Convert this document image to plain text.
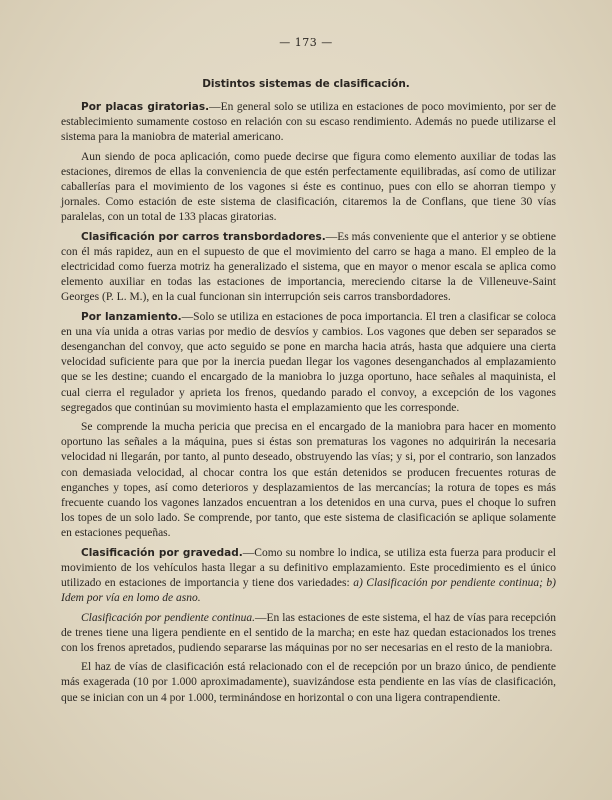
— 173 —
Distintos sistemas de clasificación.

Por placas giratorias.—En general solo se utiliza en estaciones de poco movimiento, por ser de establecimiento sumamente costoso en relación con su escaso rendimiento. Además no puede utilizarse el sistema para la maniobra de material americano.

Aun siendo de poca aplicación, como puede decirse que figura como elemento auxiliar de todas las estaciones, diremos de ellas la conveniencia de que estén perfectamente equilibradas, así como de utilizar caballerías para el movimiento de los vagones si éste es continuo, pues con ello se ahorran tiempo y jornales. Como estación de este sistema de clasificación, citaremos la de Conflans, que tiene 30 vías paralelas, con un total de 133 placas giratorias.

Clasificación por carros transbordadores.—Es más conveniente que el anterior y se obtiene con él más rapidez, aun en el supuesto de que el movimiento del carro se haga a mano. El empleo de la electricidad como fuerza motriz ha generalizado el sistema, que en mayor o menor escala se aplica como elemento auxiliar en todas las estaciones de importancia, mereciendo citarse la de Villeneuve-Saint Georges (P. L. M.), en la cual funcionan sin interrupción seis carros transbordadores.

Por lanzamiento.—Solo se utiliza en estaciones de poca importancia. El tren a clasificar se coloca en una vía unida a otras varias por medio de desvíos y cambios. Los vagones que deben ser separados se desenganchan del convoy, que acto seguido se pone en marcha hacia atrás, hasta que adquiere una cierta velocidad suficiente para que por la inercia puedan llegar los vagones desenganchados al emplazamiento que se les destine; cuando el encargado de la maniobra lo juzga oportuno, hace señales al maquinista, el cual cierra el regulador y aprieta los frenos, quedando parado el convoy, a excepción de los vagones segregados que continúan su movimiento hasta el emplazamiento que les corresponde.

Se comprende la mucha pericia que precisa en el encargado de la maniobra para hacer en momento oportuno las señales a la máquina, pues si éstas son prematuras los vagones no adquirirán la necesaria velocidad ni llegarán, por tanto, al punto deseado, obstruyendo las vías; y si, por el contrario, son lanzados con demasiada velocidad, al chocar contra los que están detenidos se producen frecuentes roturas de enganches y topes, así como deterioros y desplazamientos de las mercancías; la rotura de topes es más frecuente cuando los vagones lanzados encuentran a los detenidos en una curva, pues el choque lo sufren los topes de un solo lado. Se comprende, por tanto, que este sistema de clasificación se aplique solamente en estaciones pequeñas.

Clasificación por gravedad.—Como su nombre lo indica, se utiliza esta fuerza para producir el movimiento de los vehículos hasta llegar a su definitivo emplazamiento. Este procedimiento es el único utilizado en estaciones de importancia y tiene dos variedades: a) Clasificación por pendiente continua; b) Idem por vía en lomo de asno.

Clasificación por pendiente continua.—En las estaciones de este sistema, el haz de vías para recepción de trenes tiene una ligera pendiente en el sentido de la marcha; en este haz quedan estacionados los trenes con los frenos apretados, pudiendo separarse las máquinas por no ser necesarias en el resto de la maniobra.

El haz de vías de clasificación está relacionado con el de recepción por un brazo único, de pendiente más exagerada (10 por 1.000 aproximadamente), suavizándose esta pendiente en las vías de clasificación, que se inician con un 4 por 1.000, terminándose en horizontal o con una ligera contrapendiente.
